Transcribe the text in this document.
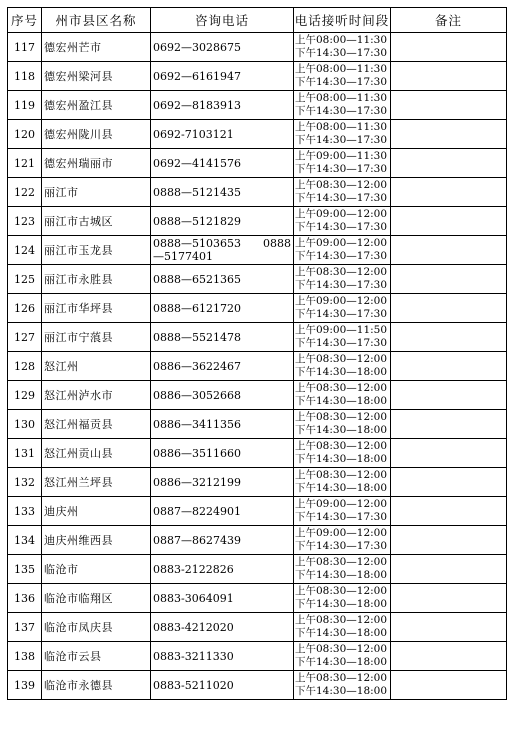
序号	州市县区名称	咨询电话	电话接听时间段	备注
117	德宏州芒市	0692—3028675	上午08:00—11:30
下午14:30—17:30	

118	德宏州梁河县	0692—6161947	上午08:00—11:30
下午14:30—17:30	

119	德宏州盈江县	0692—8183913	上午08:00—11:30
下午14:30—17:30	

120	德宏州陇川县	0692-7103121	上午08:00—11:30
下午14:30—17:30	

121	德宏州瑞丽市	0692—4141576	上午09:00—11:30
下午14:30—17:30	

122	丽江市	0888—5121435	上午08:30—12:00
下午14:30—17:30	

123	丽江市古城区	0888—5121829	上午09:00—12:00
下午14:30—17:30	

124	丽江市玉龙县	0888—5103653　　0888—5177401	上午09:00—12:00
下午14:30—17:30	

125	丽江市永胜县	0888—6521365	上午08:30—12:00
下午14:30—17:30	

126	丽江市华坪县	0888—6121720	上午09:00—12:00
下午14:30—17:30	

127	丽江市宁蒗县	0888—5521478	上午09:00—11:50
下午14:30—17:30	

128	怒江州	0886—3622467	上午08:30—12:00
下午14:30—18:00	

129	怒江州泸水市	0886—3052668	上午08:30—12:00
下午14:30—18:00	

130	怒江州福贡县	0886—3411356	上午08:30—12:00
下午14:30—18:00	

131	怒江州贡山县	0886—3511660	上午08:30—12:00
下午14:30—18:00	

132	怒江州兰坪县	0886—3212199	上午08:30—12:00
下午14:30—18:00	

133	迪庆州	0887—8224901	上午09:00—12:00
下午14:30—17:30	

134	迪庆州维西县	0887—8627439	上午09:00—12:00
下午14:30—17:30	

135	临沧市	0883-2122826	上午08:30—12:00
下午14:30—18:00	

136	临沧市临翔区	0883-3064091	上午08:30—12:00
下午14:30—18:00	

137	临沧市凤庆县	0883-4212020	上午08:30—12:00
下午14:30—18:00	

138	临沧市云县	0883-3211330	上午08:30—12:00
下午14:30—18:00	

139	临沧市永德县	0883-5211020	上午08:30—12:00
下午14:30—18:00	
